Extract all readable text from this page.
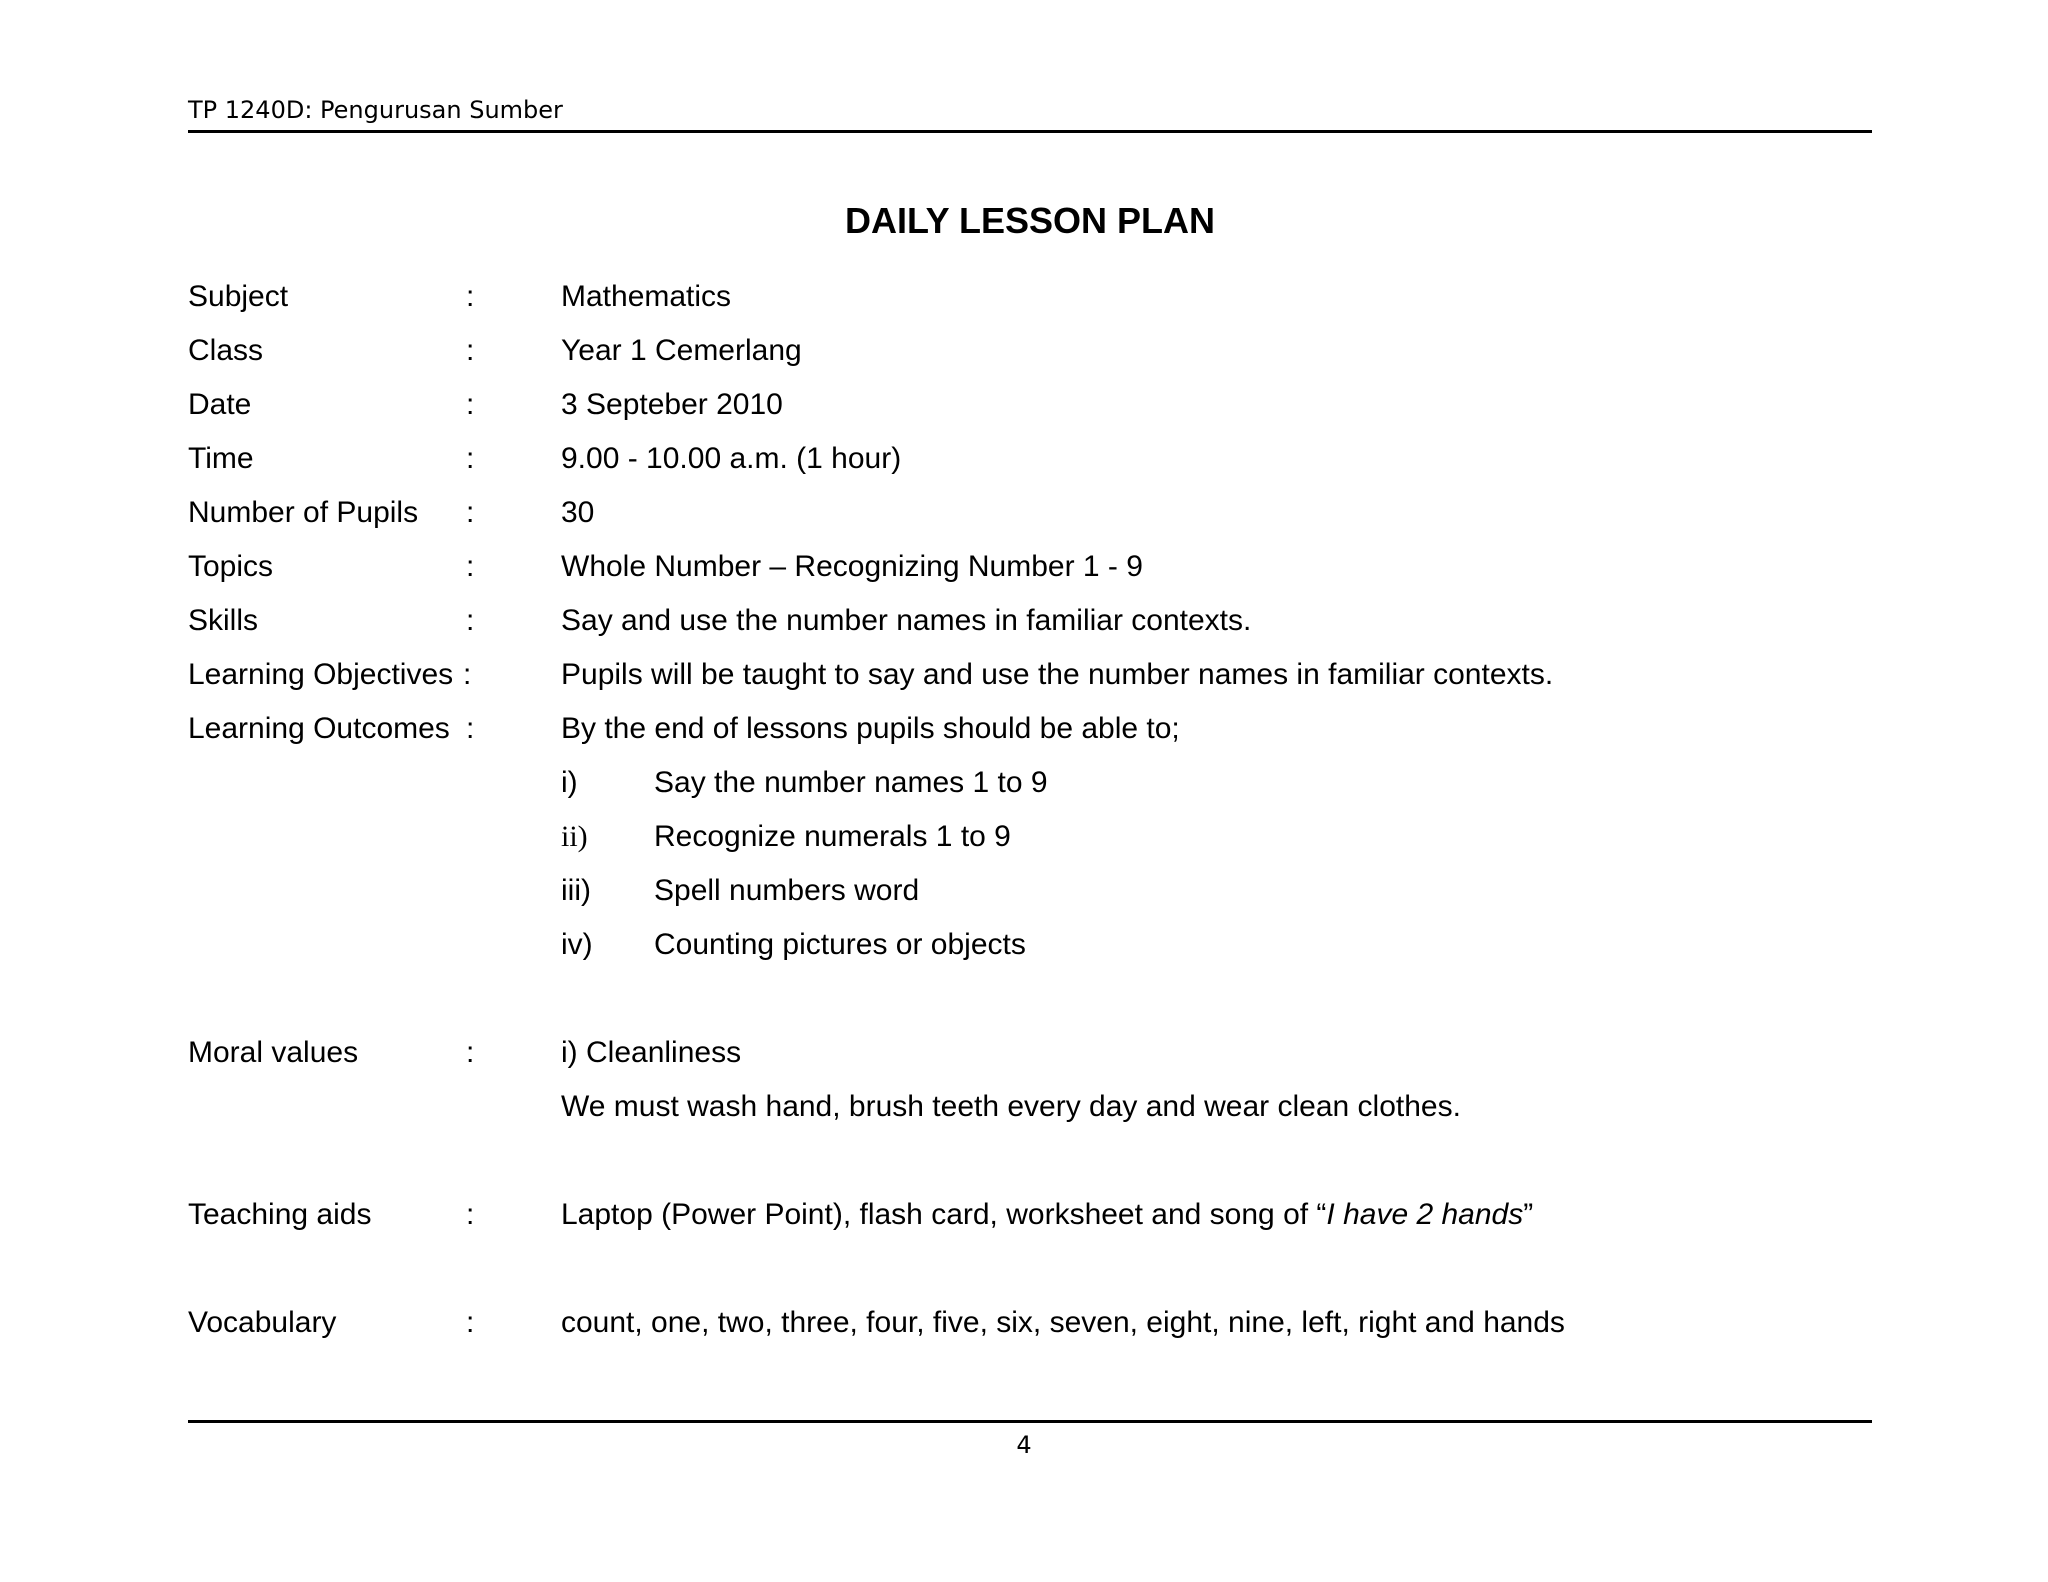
TP 1240D: Pengurusan Sumber
DAILY LESSON PLAN
Subject	:	Mathematics
Class	:	Year 1 Cemerlang
Date	:	3 Septeber 2010
Time	:	9.00 - 10.00 a.m. (1 hour)
Number of Pupils :	30
Topics	:	Whole Number – Recognizing Number 1 - 9
Skills	:	Say and use the number names in familiar contexts.
Learning Objectives :	Pupils will be taught to say and use the number names in familiar contexts.
Learning Outcomes :	By the end of lessons pupils should be able to;
i)	Say the number names 1 to 9
ii) Recognize numerals 1 to 9
iii) Spell numbers word
iv) Counting pictures or objects
Moral values	:	i) Cleanliness
We must wash hand, brush teeth every day and wear clean clothes.
Teaching aids	:	Laptop (Power Point), flash card, worksheet and song of “I have 2 hands”
Vocabulary	:	count, one, two, three, four, five, six, seven, eight, nine, left, right and hands
4
